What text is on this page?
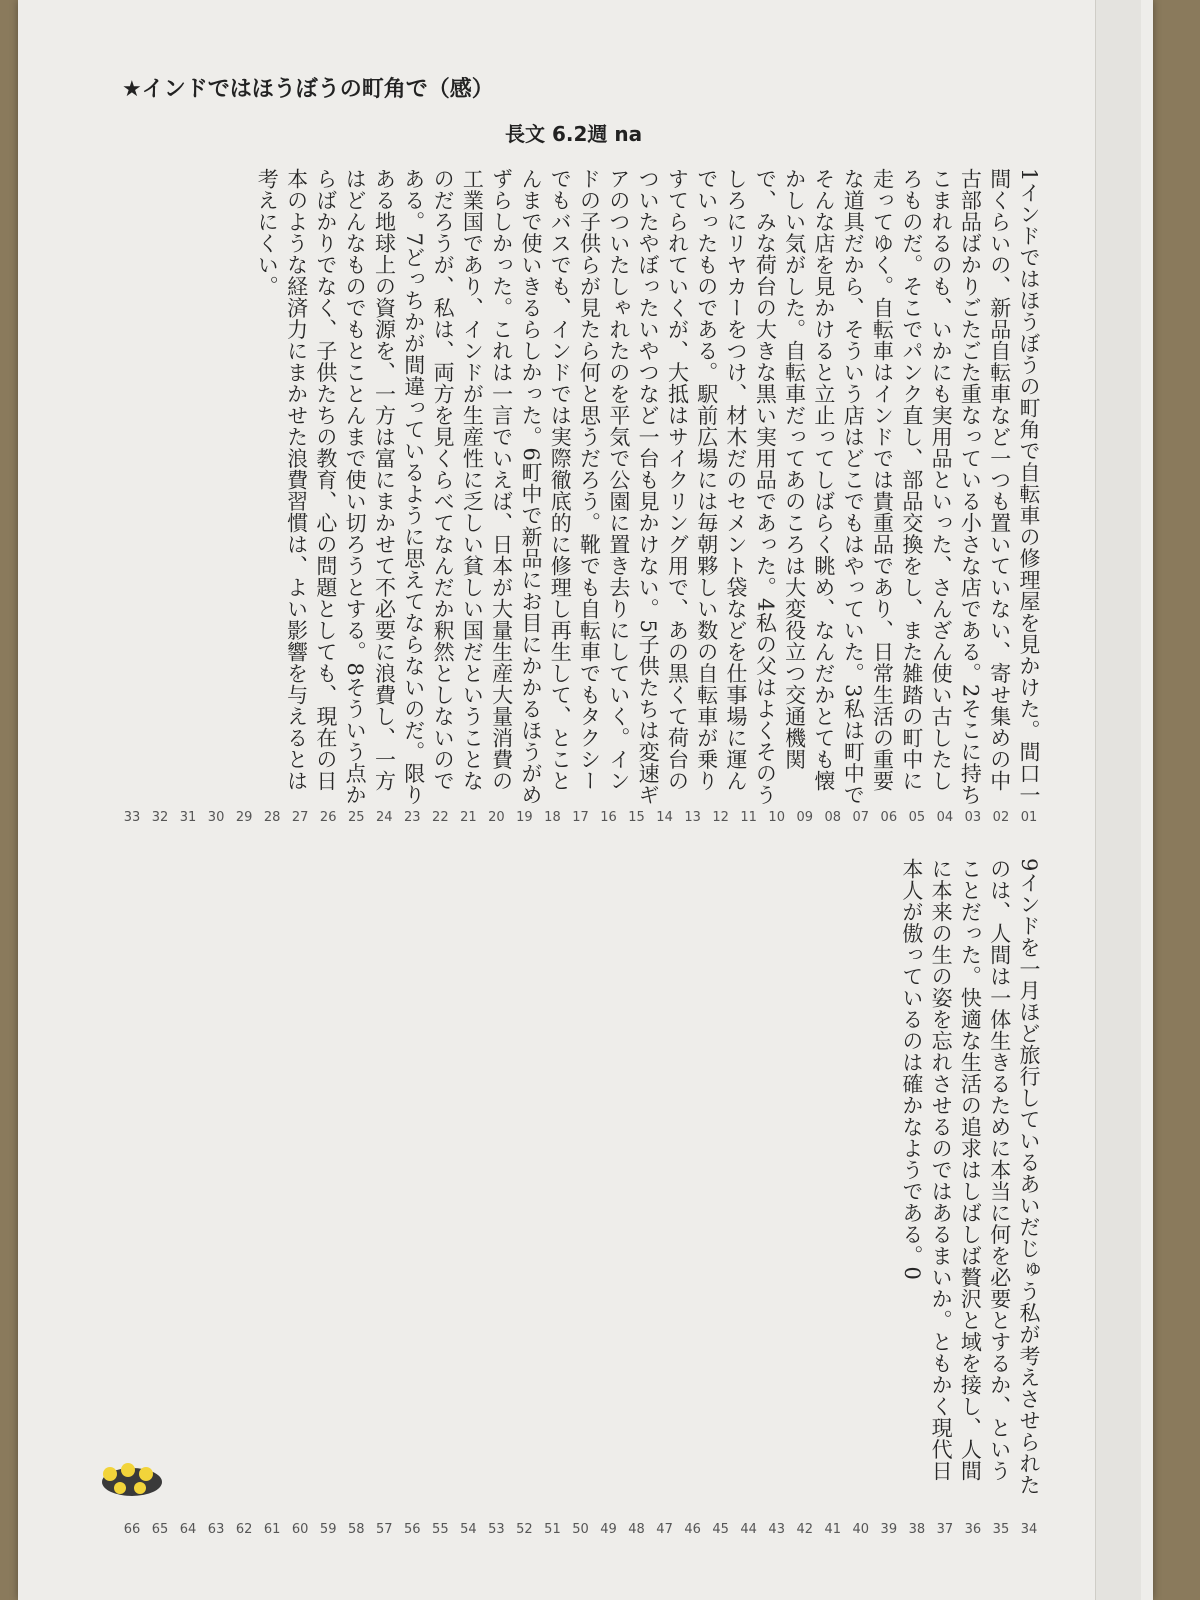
★インドではほうぼうの町角で（感）
長文 6.2週 na
1インドではほうぼうの町角で自転車の修理屋を見かけた。間口一間くらいの、新品自転車など一つも置いていない、寄せ集めの中古部品ばかりごたごた重なっている小さな店である。2そこに持ちこまれるのも、いかにも実用品といった、さんざん使い古したしろものだ。そこでパンク直し、部品交換をし、また雑踏の町中に走ってゆく。自転車はインドでは貴重品であり、日常生活の重要な道具だから、そういう店はどこでもはやっていた。3私は町中でそんな店を見かけると立止ってしばらく眺め、なんだかとても懐かしい気がした。自転車だってあのころは大変役立つ交通機関で、みな荷台の大きな黒い実用品であった。4私の父はよくそのうしろにリヤカーをつけ、材木だのセメント袋などを仕事場に運んでいったものである。駅前広場には毎朝夥しい数の自転車が乗りすてられていくが、大抵はサイクリング用で、あの黒くて荷台のついたやぼったいやつなど一台も見かけない。5子供たちは変速ギアのついたしゃれたのを平気で公園に置き去りにしていく。インドの子供らが見たら何と思うだろう。靴でも自転車でもタクシーでもバスでも、インドでは実際徹底的に修理し再生して、とことんまで使いきるらしかった。6町中で新品にお目にかかるほうがめずらしかった。これは一言でいえば、日本が大量生産大量消費の工業国であり、インドが生産性に乏しい貧しい国だということなのだろうが、私は、両方を見くらべてなんだか釈然としないのである。7どっちかが間違っているように思えてならないのだ。限りある地球上の資源を、一方は富にまかせて不必要に浪費し、一方はどんなものでもとことんまで使い切ろうとする。8そういう点からばかりでなく、子供たちの教育、心の問題としても、現在の日本のような経済力にまかせた浪費習慣は、よい影響を与えるとは考えにくい。
01
02
03
04
05
06
07
08
09
10
11
12
13
14
15
16
17
18
19
20
21
22
23
24
25
26
27
28
29
30
31
32
33
9インドを一月ほど旅行しているあいだじゅう私が考えさせられたのは、人間は一体生きるために本当に何を必要とするか、ということだった。快適な生活の追求はしばしば贅沢と域を接し、人間に本来の生の姿を忘れさせるのではあるまいか。ともかく現代日本人が傲っているのは確かなようである。0
34
35
36
37
38
39
40
41
42
43
44
45
46
47
48
49
50
51
52
53
54
55
56
57
58
59
60
61
62
63
64
65
66
